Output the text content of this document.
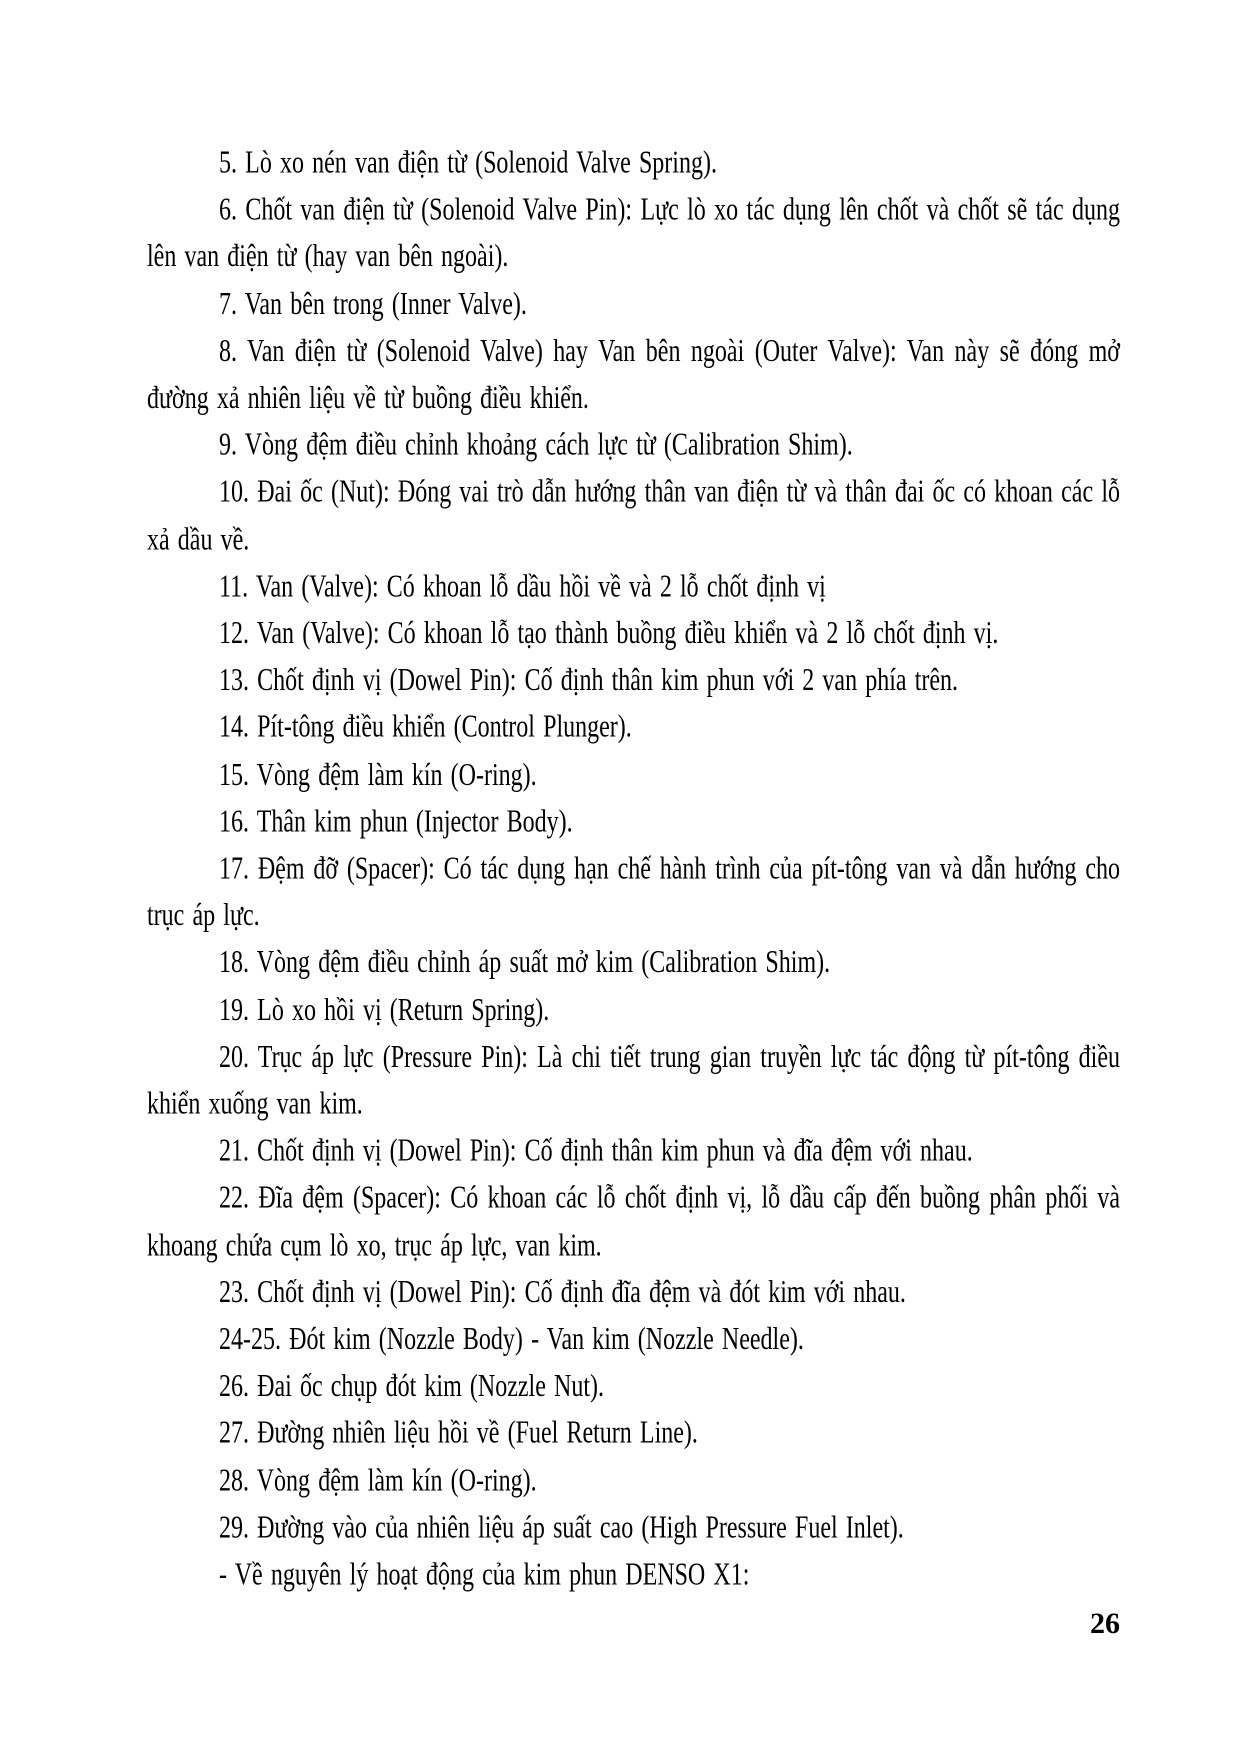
5. Lò xo nén van điện từ (Solenoid Valve Spring).

6. Chốt van điện từ (Solenoid Valve Pin): Lực lò xo tác dụng lên chốt và chốt sẽ tác dụng lên van điện từ (hay van bên ngoài).

7. Van bên trong (Inner Valve).

8. Van điện từ (Solenoid Valve) hay Van bên ngoài (Outer Valve): Van này sẽ đóng mở đường xả nhiên liệu về từ buồng điều khiển.

9. Vòng đệm điều chỉnh khoảng cách lực từ (Calibration Shim).

10. Đai ốc (Nut): Đóng vai trò dẫn hướng thân van điện từ và thân đai ốc có khoan các lỗ xả dầu về.

11. Van (Valve): Có khoan lỗ dầu hồi về và 2 lỗ chốt định vị

12. Van (Valve): Có khoan lỗ tạo thành buồng điều khiển và 2 lỗ chốt định vị.

13. Chốt định vị (Dowel Pin): Cố định thân kim phun với 2 van phía trên.

14. Pít-tông điều khiển (Control Plunger).

15. Vòng đệm làm kín (O-ring).

16. Thân kim phun (Injector Body).

17. Đệm đỡ (Spacer): Có tác dụng hạn chế hành trình của pít-tông van và dẫn hướng cho trục áp lực.

18. Vòng đệm điều chỉnh áp suất mở kim (Calibration Shim).

19. Lò xo hồi vị (Return Spring).

20. Trục áp lực (Pressure Pin): Là chi tiết trung gian truyền lực tác động từ pít-tông điều khiển xuống van kim.

21. Chốt định vị (Dowel Pin): Cố định thân kim phun và đĩa đệm với nhau.

22. Đĩa đệm (Spacer): Có khoan các lỗ chốt định vị, lỗ dầu cấp đến buồng phân phối và khoang chứa cụm lò xo, trục áp lực, van kim.

23. Chốt định vị (Dowel Pin): Cố định đĩa đệm và đót kim với nhau.

24-25. Đót kim (Nozzle Body) - Van kim (Nozzle Needle).

26. Đai ốc chụp đót kim (Nozzle Nut).

27. Đường nhiên liệu hồi về (Fuel Return Line).

28. Vòng đệm làm kín (O-ring).

29. Đường vào của nhiên liệu áp suất cao (High Pressure Fuel Inlet).

- Về nguyên lý hoạt động của kim phun DENSO X1:

26
